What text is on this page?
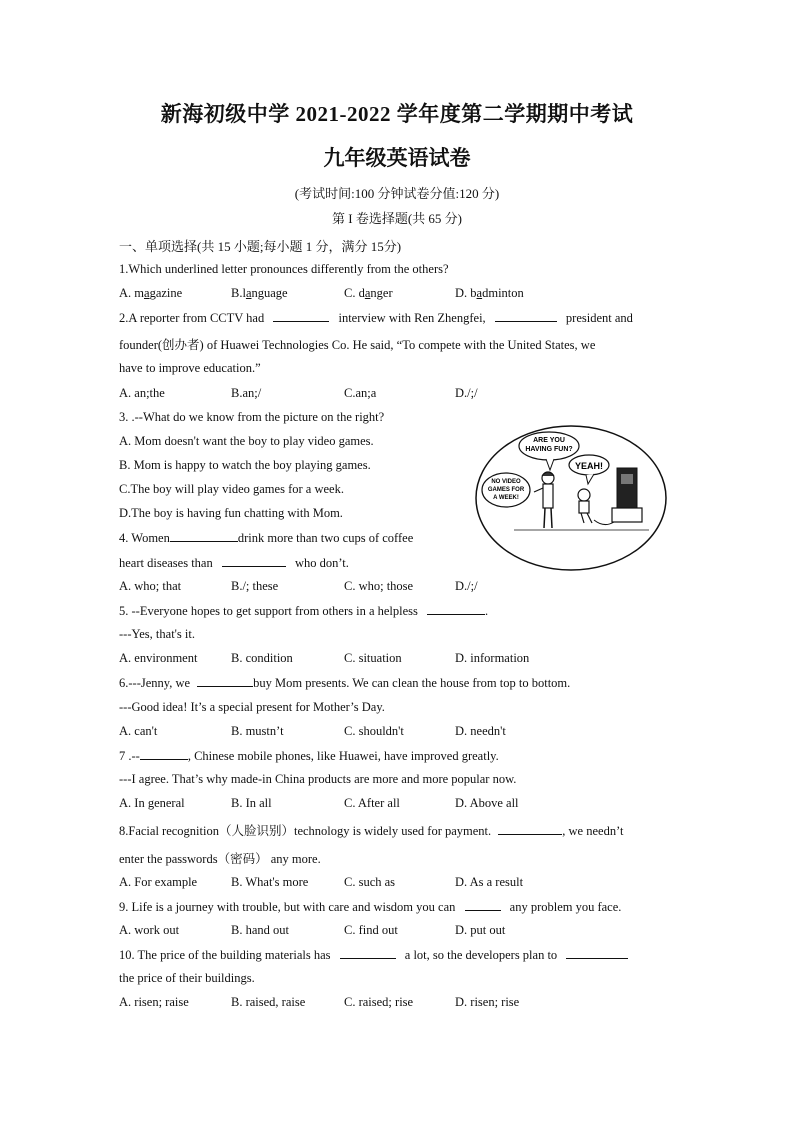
新海初级中学 2021-2022 学年度第二学期期中考试
九年级英语试卷
(考试时间:100 分钟试卷分值:120 分)
第 I 卷选择题(共 65 分)
一、单项选择(共 15 小题;每小题 1 分，满分 15分)
1.Which underlined letter pronounces differently from the others?
A. magazine	B.language	C. danger	D. badminton
2.A reporter from CCTV had	interview with Ren Zhengfei,	president and
founder(创办者) of Huawei Technologies Co. He said, “To compete with the United States, we
have to improve education.”
A. an;the	B.an;/	C.an;a	D./;/
3. .--What do we know from the picture on the right?
A. Mom doesn't want the boy to play video games.
B. Mom is happy to watch the boy playing games.
C.The boy will play video games for a week.
D.The boy is having fun chatting with Mom.
ARE YOU
HAVING FUN?
YEAH!
NO VIDEO
GAMES FOR
A WEEK!
4. Women	drink more than two cups of coffee
heart diseases than	who don’t.
A. who; that	B./; these	C. who; those	D./;/
5. --Everyone hopes to get support from others in a helpless	.
---Yes, that's it.
A. environment	B. condition	C. situation	D. information
6.---Jenny, we	buy Mom presents. We can clean the house from top to bottom.
---Good idea! It’s a special present for Mother’s Day.
A. can't	B. mustn’t	C. shouldn't	D. needn't
7 .--	, Chinese mobile phones, like Huawei, have improved greatly.
---I agree. That’s why made-in China products are more and more popular now.
A. In general	B. In all	C. After all	D. Above all
8.Facial recognition（人脸识别）technology is widely used for payment.	, we needn’t
enter the passwords（密码） any more.
A. For example	B. What's more	C. such as	D. As a result
9. Life is a journey with trouble, but with care and wisdom you can	any problem you face.
A. work out	B. hand out	C. find out	D. put out
10. The price of the building materials has	a lot, so the developers plan to
the price of their buildings.
A. risen; raise	B. raised, raise	C. raised; rise	D. risen; rise
